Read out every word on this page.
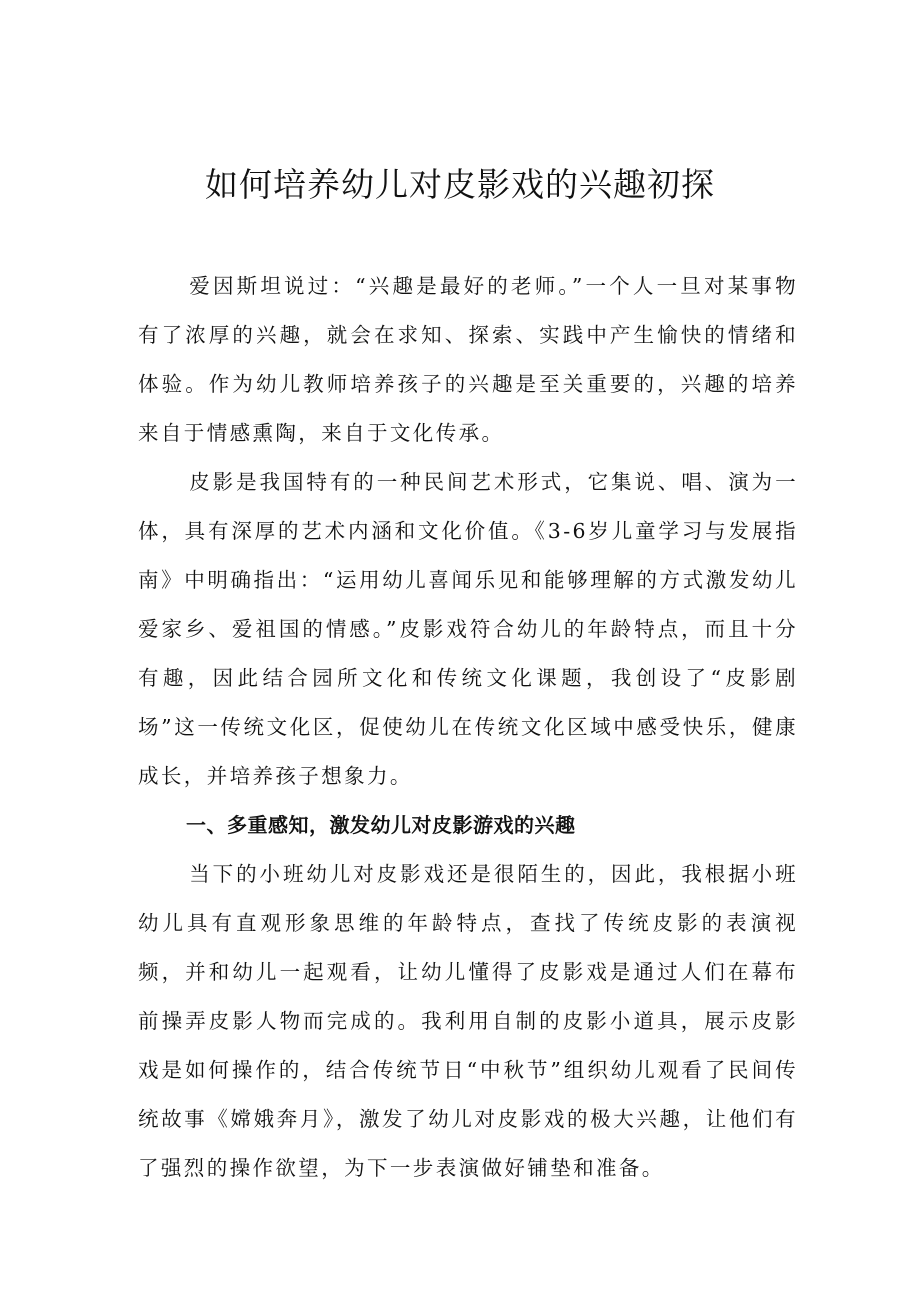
如何培养幼儿对皮影戏的兴趣初探

爱因斯坦说过：“兴趣是最好的老师。”一个人一旦对某事物有了浓厚的兴趣，就会在求知、探索、实践中产生愉快的情绪和体验。作为幼儿教师培养孩子的兴趣是至关重要的，兴趣的培养来自于情感熏陶，来自于文化传承。

皮影是我国特有的一种民间艺术形式，它集说、唱、演为一体，具有深厚的艺术内涵和文化价值。《3-6岁儿童学习与发展指南》中明确指出：“运用幼儿喜闻乐见和能够理解的方式激发幼儿爱家乡、爱祖国的情感。”皮影戏符合幼儿的年龄特点，而且十分有趣，因此结合园所文化和传统文化课题，我创设了“皮影剧场”这一传统文化区，促使幼儿在传统文化区域中感受快乐，健康成长，并培养孩子想象力。

一、多重感知，激发幼儿对皮影游戏的兴趣

当下的小班幼儿对皮影戏还是很陌生的，因此，我根据小班幼儿具有直观形象思维的年龄特点，查找了传统皮影的表演视频，并和幼儿一起观看，让幼儿懂得了皮影戏是通过人们在幕布前操弄皮影人物而完成的。我利用自制的皮影小道具，展示皮影戏是如何操作的，结合传统节日“中秋节”组织幼儿观看了民间传统故事《嫦娥奔月》，激发了幼儿对皮影戏的极大兴趣，让他们有了强烈的操作欲望，为下一步表演做好铺垫和准备。
